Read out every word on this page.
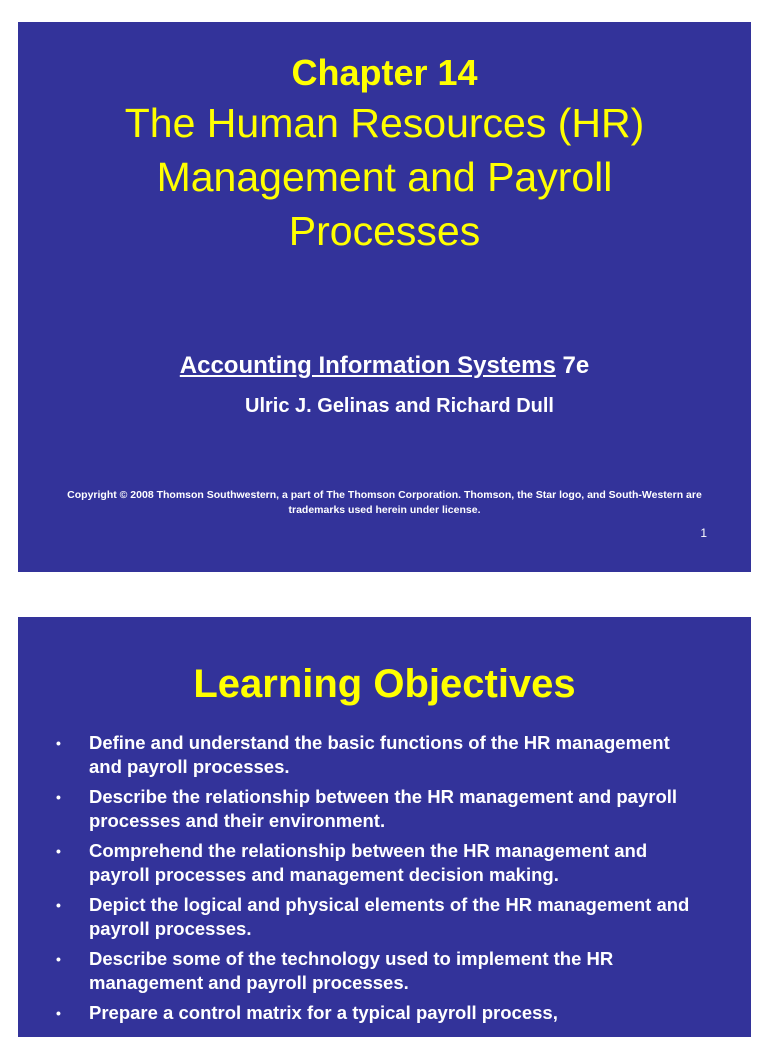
Chapter 14
The Human Resources (HR)
Management and Payroll
Processes
Accounting Information Systems 7e
Ulric J. Gelinas and Richard Dull
Copyright © 2008 Thomson Southwestern, a part of The Thomson Corporation. Thomson, the Star logo, and South-Western are trademarks used herein under license.
1
Learning Objectives
• Define and understand the basic functions of the HR management and payroll processes.
• Describe the relationship between the HR management and payroll processes and their environment.
• Comprehend the relationship between the HR management and payroll processes and management decision making.
• Depict the logical and physical elements of the HR management and payroll processes.
• Describe some of the technology used to implement the HR management and payroll processes.
• Prepare a control matrix for a typical payroll process,
